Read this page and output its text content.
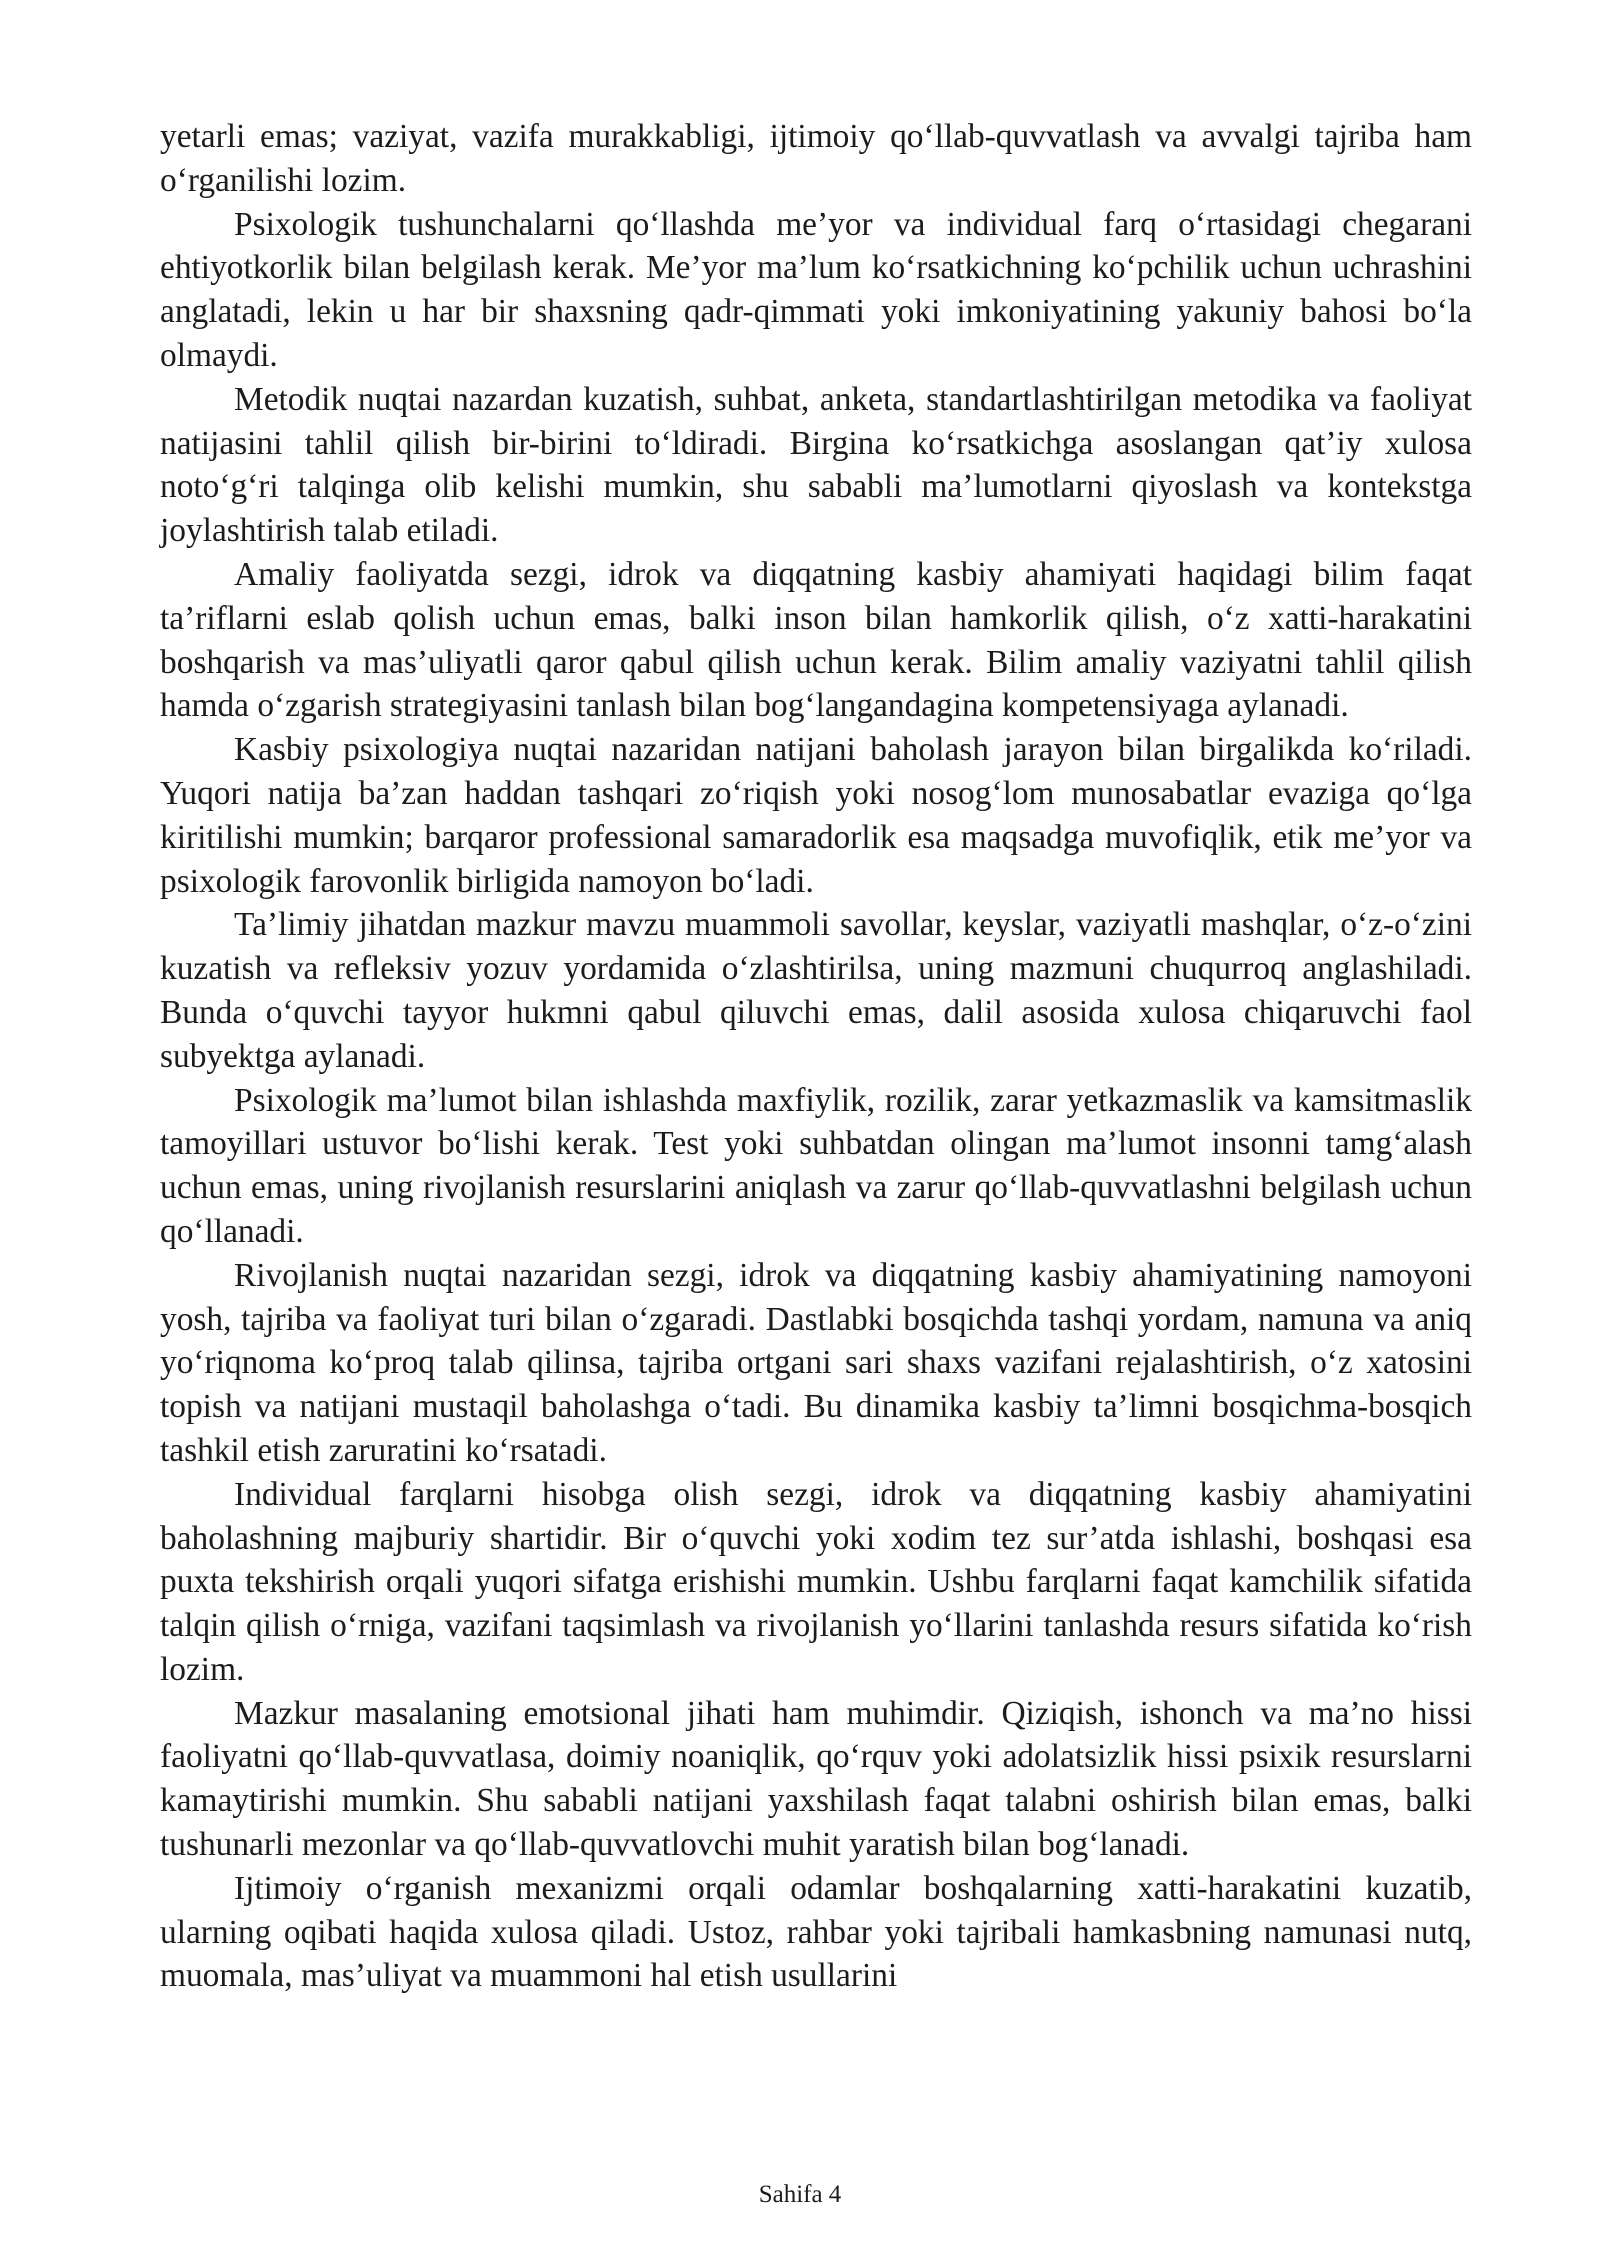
yetarli emas; vaziyat, vazifa murakkabligi, ijtimoiy qo‘llab-quvvatlash va avvalgi tajriba ham o‘rganilishi lozim.

Psixologik tushunchalarni qo‘llashda me’yor va individual farq o‘rtasidagi chegarani ehtiyotkorlik bilan belgilash kerak. Me’yor ma’lum ko‘rsatkichning ko‘pchilik uchun uchrashini anglatadi, lekin u har bir shaxsning qadr-qimmati yoki imkoniyatining yakuniy bahosi bo‘la olmaydi.

Metodik nuqtai nazardan kuzatish, suhbat, anketa, standartlashtirilgan metodika va faoliyat natijasini tahlil qilish bir-birini to‘ldiradi. Birgina ko‘rsatkichga asoslangan qat’iy xulosa noto‘g‘ri talqinga olib kelishi mumkin, shu sababli ma’lumotlarni qiyoslash va kontekstga joylashtirish talab etiladi.

Amaliy faoliyatda sezgi, idrok va diqqatning kasbiy ahamiyati haqidagi bilim faqat ta’riflarni eslab qolish uchun emas, balki inson bilan hamkorlik qilish, o‘z xatti-harakatini boshqarish va mas’uliyatli qaror qabul qilish uchun kerak. Bilim amaliy vaziyatni tahlil qilish hamda o‘zgarish strategiyasini tanlash bilan bog‘langandagina kompetensiyaga aylanadi.

Kasbiy psixologiya nuqtai nazaridan natijani baholash jarayon bilan birgalikda ko‘riladi. Yuqori natija ba’zan haddan tashqari zo‘riqish yoki nosog‘lom munosabatlar evaziga qo‘lga kiritilishi mumkin; barqaror professional samaradorlik esa maqsadga muvofiqlik, etik me’yor va psixologik farovonlik birligida namoyon bo‘ladi.

Ta’limiy jihatdan mazkur mavzu muammoli savollar, keyslar, vaziyatli mashqlar, o‘z-o‘zini kuzatish va refleksiv yozuv yordamida o‘zlashtirilsa, uning mazmuni chuqurroq anglashiladi. Bunda o‘quvchi tayyor hukmni qabul qiluvchi emas, dalil asosida xulosa chiqaruvchi faol subyektga aylanadi.

Psixologik ma’lumot bilan ishlashda maxfiylik, rozilik, zarar yetkazmaslik va kamsitmaslik tamoyillari ustuvor bo‘lishi kerak. Test yoki suhbatdan olingan ma’lumot insonni tamg‘alash uchun emas, uning rivojlanish resurslarini aniqlash va zarur qo‘llab-quvvatlashni belgilash uchun qo‘llanadi.

Rivojlanish nuqtai nazaridan sezgi, idrok va diqqatning kasbiy ahamiyatining namoyoni yosh, tajriba va faoliyat turi bilan o‘zgaradi. Dastlabki bosqichda tashqi yordam, namuna va aniq yo‘riqnoma ko‘proq talab qilinsa, tajriba ortgani sari shaxs vazifani rejalashtirish, o‘z xatosini topish va natijani mustaqil baholashga o‘tadi. Bu dinamika kasbiy ta’limni bosqichma-bosqich tashkil etish zaruratini ko‘rsatadi.

Individual farqlarni hisobga olish sezgi, idrok va diqqatning kasbiy ahamiyatini baholashning majburiy shartidir. Bir o‘quvchi yoki xodim tez sur’atda ishlashi, boshqasi esa puxta tekshirish orqali yuqori sifatga erishishi mumkin. Ushbu farqlarni faqat kamchilik sifatida talqin qilish o‘rniga, vazifani taqsimlash va rivojlanish yo‘llarini tanlashda resurs sifatida ko‘rish lozim.

Mazkur masalaning emotsional jihati ham muhimdir. Qiziqish, ishonch va ma’no hissi faoliyatni qo‘llab-quvvatlasa, doimiy noaniqlik, qo‘rquv yoki adolatsizlik hissi psixik resurslarni kamaytirishi mumkin. Shu sababli natijani yaxshilash faqat talabni oshirish bilan emas, balki tushunarli mezonlar va qo‘llab-quvvatlovchi muhit yaratish bilan bog‘lanadi.

Ijtimoiy o‘rganish mexanizmi orqali odamlar boshqalarning xatti-harakatini kuzatib, ularning oqibati haqida xulosa qiladi. Ustoz, rahbar yoki tajribali hamkasbning namunasi nutq, muomala, mas’uliyat va muammoni hal etish usullarini

Sahifa 4
